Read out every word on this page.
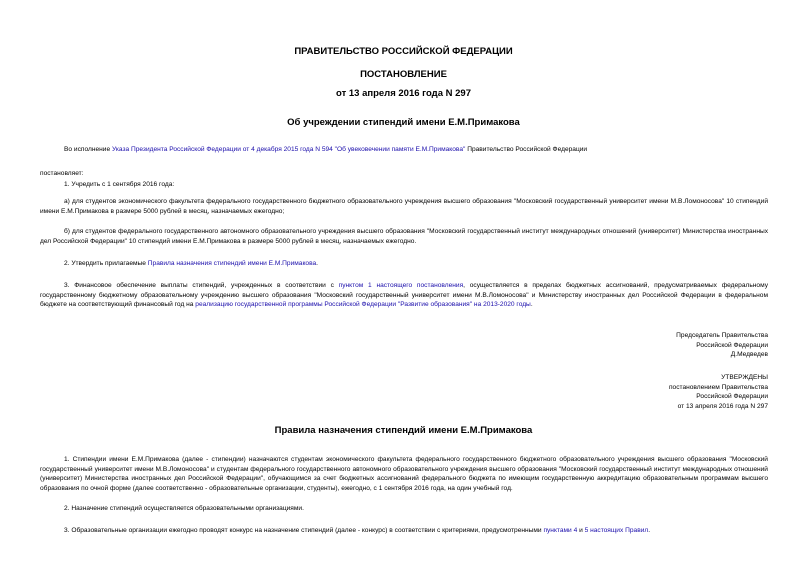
ПРАВИТЕЛЬСТВО РОССИЙСКОЙ ФЕДЕРАЦИИ
ПОСТАНОВЛЕНИЕ
от 13 апреля 2016 года N 297
Об учреждении стипендий имени Е.М.Примакова
Во исполнение Указа Президента Российской Федерации от 4 декабря 2015 года N 594 "Об увековечении памяти Е.М.Примакова" Правительство Российской Федерации
постановляет:
1. Учредить с 1 сентября 2016 года:
а) для студентов экономического факультета федерального государственного бюджетного образовательного учреждения высшего образования "Московский государственный университет имени М.В.Ломоносова" 10 стипендий имени Е.М.Примакова в размере 5000 рублей в месяц, назначаемых ежегодно;
б) для студентов федерального государственного автономного образовательного учреждения высшего образования "Московский государственный институт международных отношений (университет) Министерства иностранных дел Российской Федерации" 10 стипендий имени Е.М.Примакова в размере 5000 рублей в месяц, назначаемых ежегодно.
2. Утвердить прилагаемые Правила назначения стипендий имени Е.М.Примакова.
3. Финансовое обеспечение выплаты стипендий, учрежденных в соответствии с пунктом 1 настоящего постановления, осуществляется в пределах бюджетных ассигнований, предусматриваемых федеральному государственному бюджетному образовательному учреждению высшего образования "Московский государственный университет имени М.В.Ломоносова" и Министерству иностранных дел Российской Федерации в федеральном бюджете на соответствующий финансовый год на реализацию государственной программы Российской Федерации "Развитие образования" на 2013-2020 годы.
Председатель Правительства
Российской Федерации
Д.Медведев
УТВЕРЖДЕНЫ
постановлением Правительства
Российской Федерации
от 13 апреля 2016 года N 297
Правила назначения стипендий имени Е.М.Примакова
1. Стипендии имени Е.М.Примакова (далее - стипендии) назначаются студентам экономического факультета федерального государственного бюджетного образовательного учреждения высшего образования "Московский государственный университет имени М.В.Ломоносова" и студентам федерального государственного автономного образовательного учреждения высшего образования "Московский государственный институт международных отношений (университет) Министерства иностранных дел Российской Федерации", обучающимся за счет бюджетных ассигнований федерального бюджета по имеющим государственную аккредитацию образовательным программам высшего образования по очной форме (далее соответственно - образовательные организации, студенты), ежегодно, с 1 сентября 2016 года, на один учебный год.
2. Назначение стипендий осуществляется образовательными организациями.
3. Образовательные организации ежегодно проводят конкурс на назначение стипендий (далее - конкурс) в соответствии с критериями, предусмотренными пунктами 4 и 5 настоящих Правил.
